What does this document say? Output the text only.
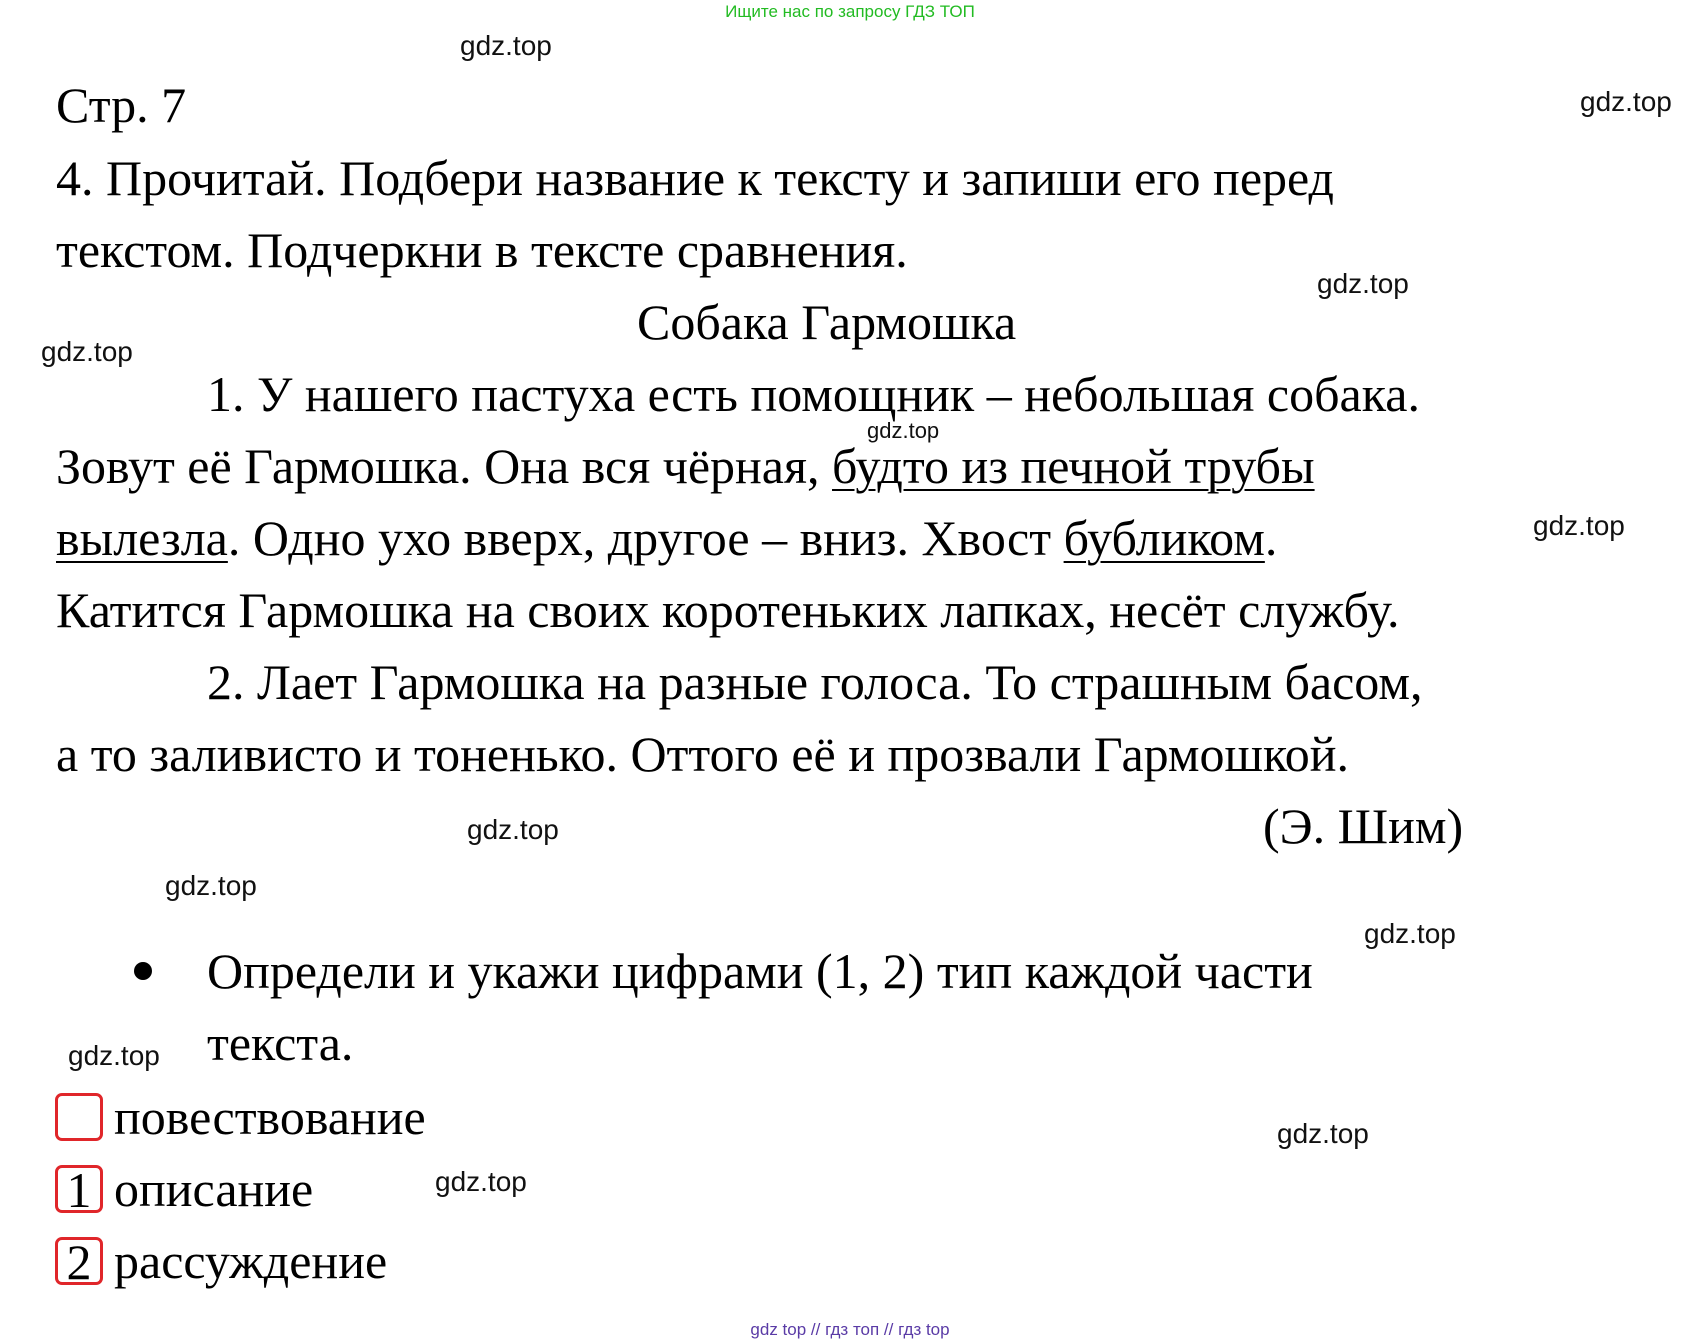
Ищите нас по запросу ГДЗ ТОП
gdz.top
gdz.top
gdz.top
gdz.top
gdz.top
gdz.top
gdz.top
gdz.top
gdz.top
gdz.top
gdz.top
gdz.top
Стр. 7
4. Прочитай. Подбери название к тексту и запиши его перед
текстом. Подчеркни в тексте сравнения.
Собака Гармошка
1. У нашего пастуха есть помощник – небольшая собака.
Зовут её Гармошка. Она вся чёрная, будто из печной трубы
вылезла. Одно ухо вверх, другое – вниз. Хвост бубликом.
Катится Гармошка на своих коротеньких лапках, несёт службу.
2. Лает Гармошка на разные голоса. То страшным басом,
а то заливисто и тоненько. Оттого её и прозвали Гармошкой.
(Э. Шим)
Определи и укажи цифрами (1, 2) тип каждой части
текста.
повествование
1 описание
2 рассуждение
gdz top // гдз топ // гдз top
